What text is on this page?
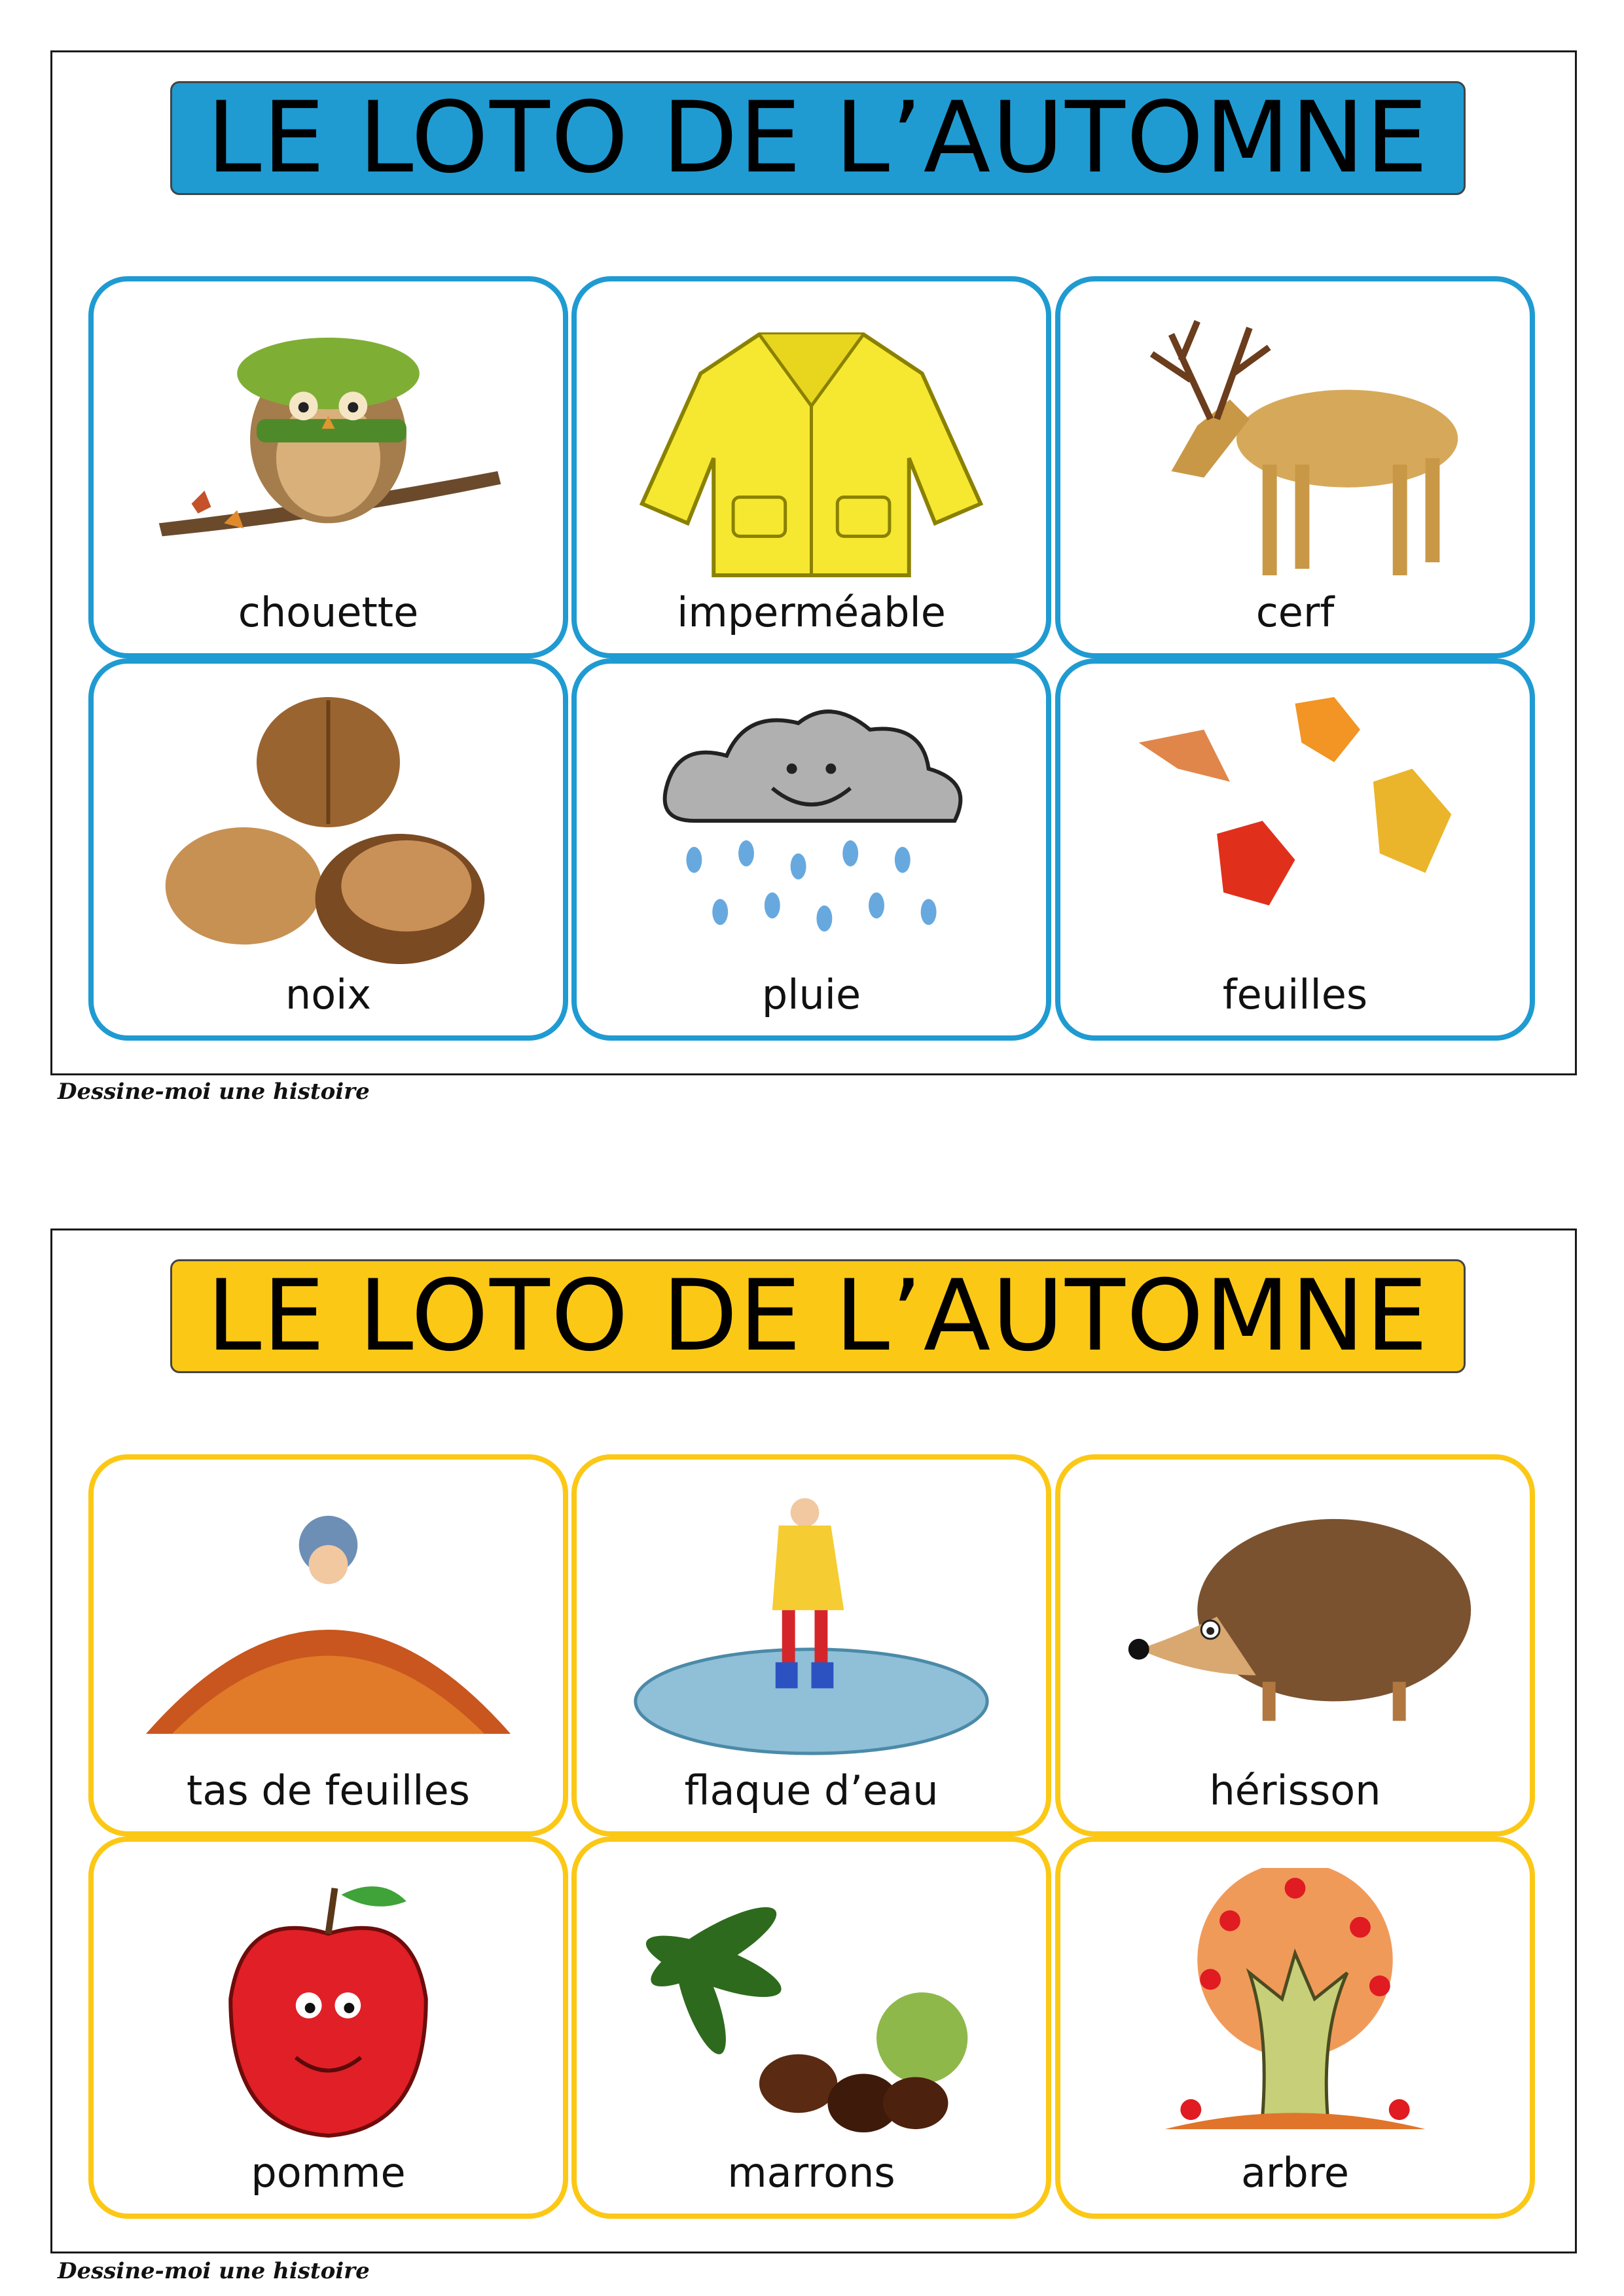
LE LOTO DE L’AUTOMNE
chouette	imperméable	cerf
noix	pluie	feuilles
Dessine-moi une histoire
LE LOTO DE L’AUTOMNE
tas de feuilles	flaque d’eau	hérisson
pomme	marrons	arbre
Dessine-moi une histoire
